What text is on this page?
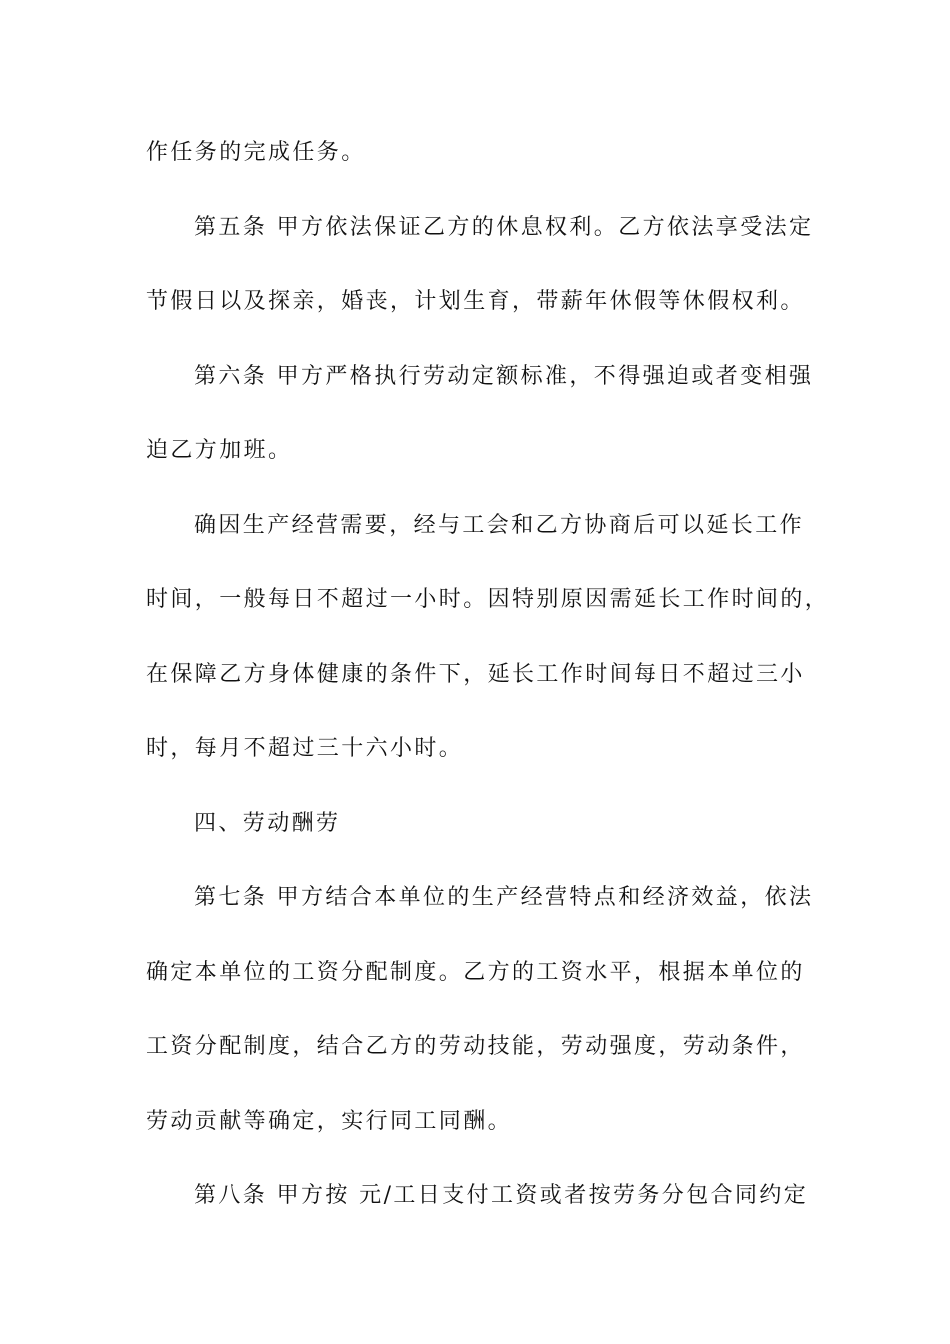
作任务的完成任务。
第五条 甲方依法保证乙方的休息权利。乙方依法享受法定
节假日以及探亲，婚丧，计划生育，带薪年休假等休假权利。
第六条 甲方严格执行劳动定额标准，不得强迫或者变相强
迫乙方加班。
确因生产经营需要，经与工会和乙方协商后可以延长工作
时间，一般每日不超过一小时。因特别原因需延长工作时间的，
在保障乙方身体健康的条件下，延长工作时间每日不超过三小
时，每月不超过三十六小时。
四、劳动酬劳
第七条 甲方结合本单位的生产经营特点和经济效益，依法
确定本单位的工资分配制度。乙方的工资水平，根据本单位的
工资分配制度，结合乙方的劳动技能，劳动强度，劳动条件，
劳动贡献等确定，实行同工同酬。
第八条 甲方按 元/工日支付工资或者按劳务分包合同约定
